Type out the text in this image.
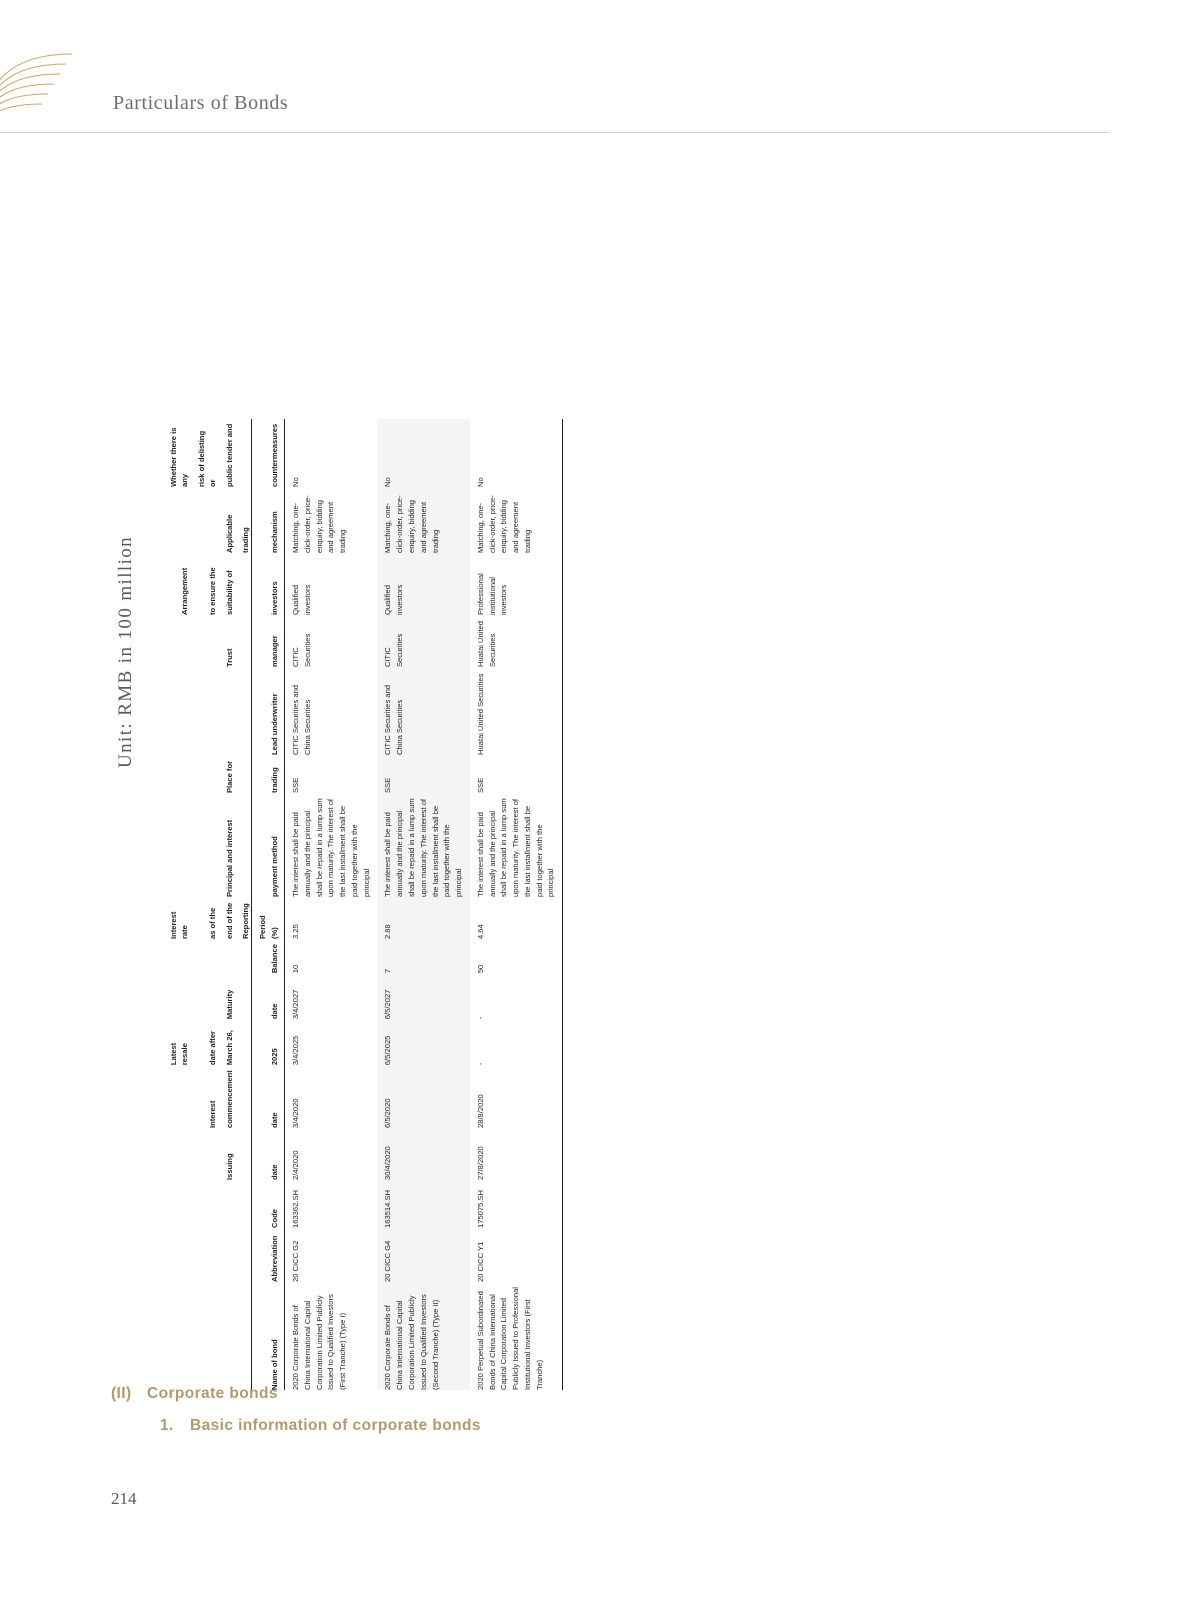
Particulars of Bonds
(II) Corporate bonds
1. Basic information of corporate bonds
214
Unit: RMB in 100 million
					Latest resale			Interest rate					Arrangement		Whether there is any
				Interest	date after			as of the					to ensure the		risk of delisting or
			Issuing	commencement	March 26,	Maturity		end of the	Principal and interest	Place for		Trust	suitability of	Applicable	public tender and
								Reporting						trading	
Name of bond	Abbreviation	Code	date	date	2025	date	Balance	Period (%)	payment method	trading	Lead underwriter	manager	investors	mechanism	countermeasures
2020 Corporate Bonds of China International Capital Corporation Limited Publicly Issued to Qualified Investors (First Tranche) (Type I)	20 CICC G2	163362.SH	2/4/2020	3/4/2020	3/4/2025	3/4/2027	10	3.25	The interest shall be paid annually and the principal shall be repaid in a lump sum upon maturity. The interest of the last installment shall be paid together with the principal	SSE	CITIC Securities and China Securities	CITIC Securities	Qualified investors	Matching, one-click-order, price-enquiry, bidding and agreement trading	No
2020 Corporate Bonds of China International Capital Corporation Limited Publicly Issued to Qualified Investors (Second Tranche) (Type II)	20 CICC G4	163514.SH	30/4/2020	6/5/2020	6/5/2025	6/5/2027	7	2.88	The interest shall be paid annually and the principal shall be repaid in a lump sum upon maturity. The interest of the last installment shall be paid together with the principal	SSE	CITIC Securities and China Securities	CITIC Securities	Qualified investors	Matching, one-click-order, price-enquiry, bidding and agreement trading	No
2020 Perpetual Subordinated Bonds of China International Capital Corporation Limited Publicly Issued to Professional Institutional Investors (First Tranche)	20 CICC Y1	175075.SH	27/8/2020	28/8/2020	-	-	50	4.64	The interest shall be paid annually and the principal shall be repaid in a lump sum upon maturity. The interest of the last installment shall be paid together with the principal	SSE	Huatai United Securities	Huatai United Securities	Professional institutional investors	Matching, one-click-order, price-enquiry, bidding and agreement trading	No
